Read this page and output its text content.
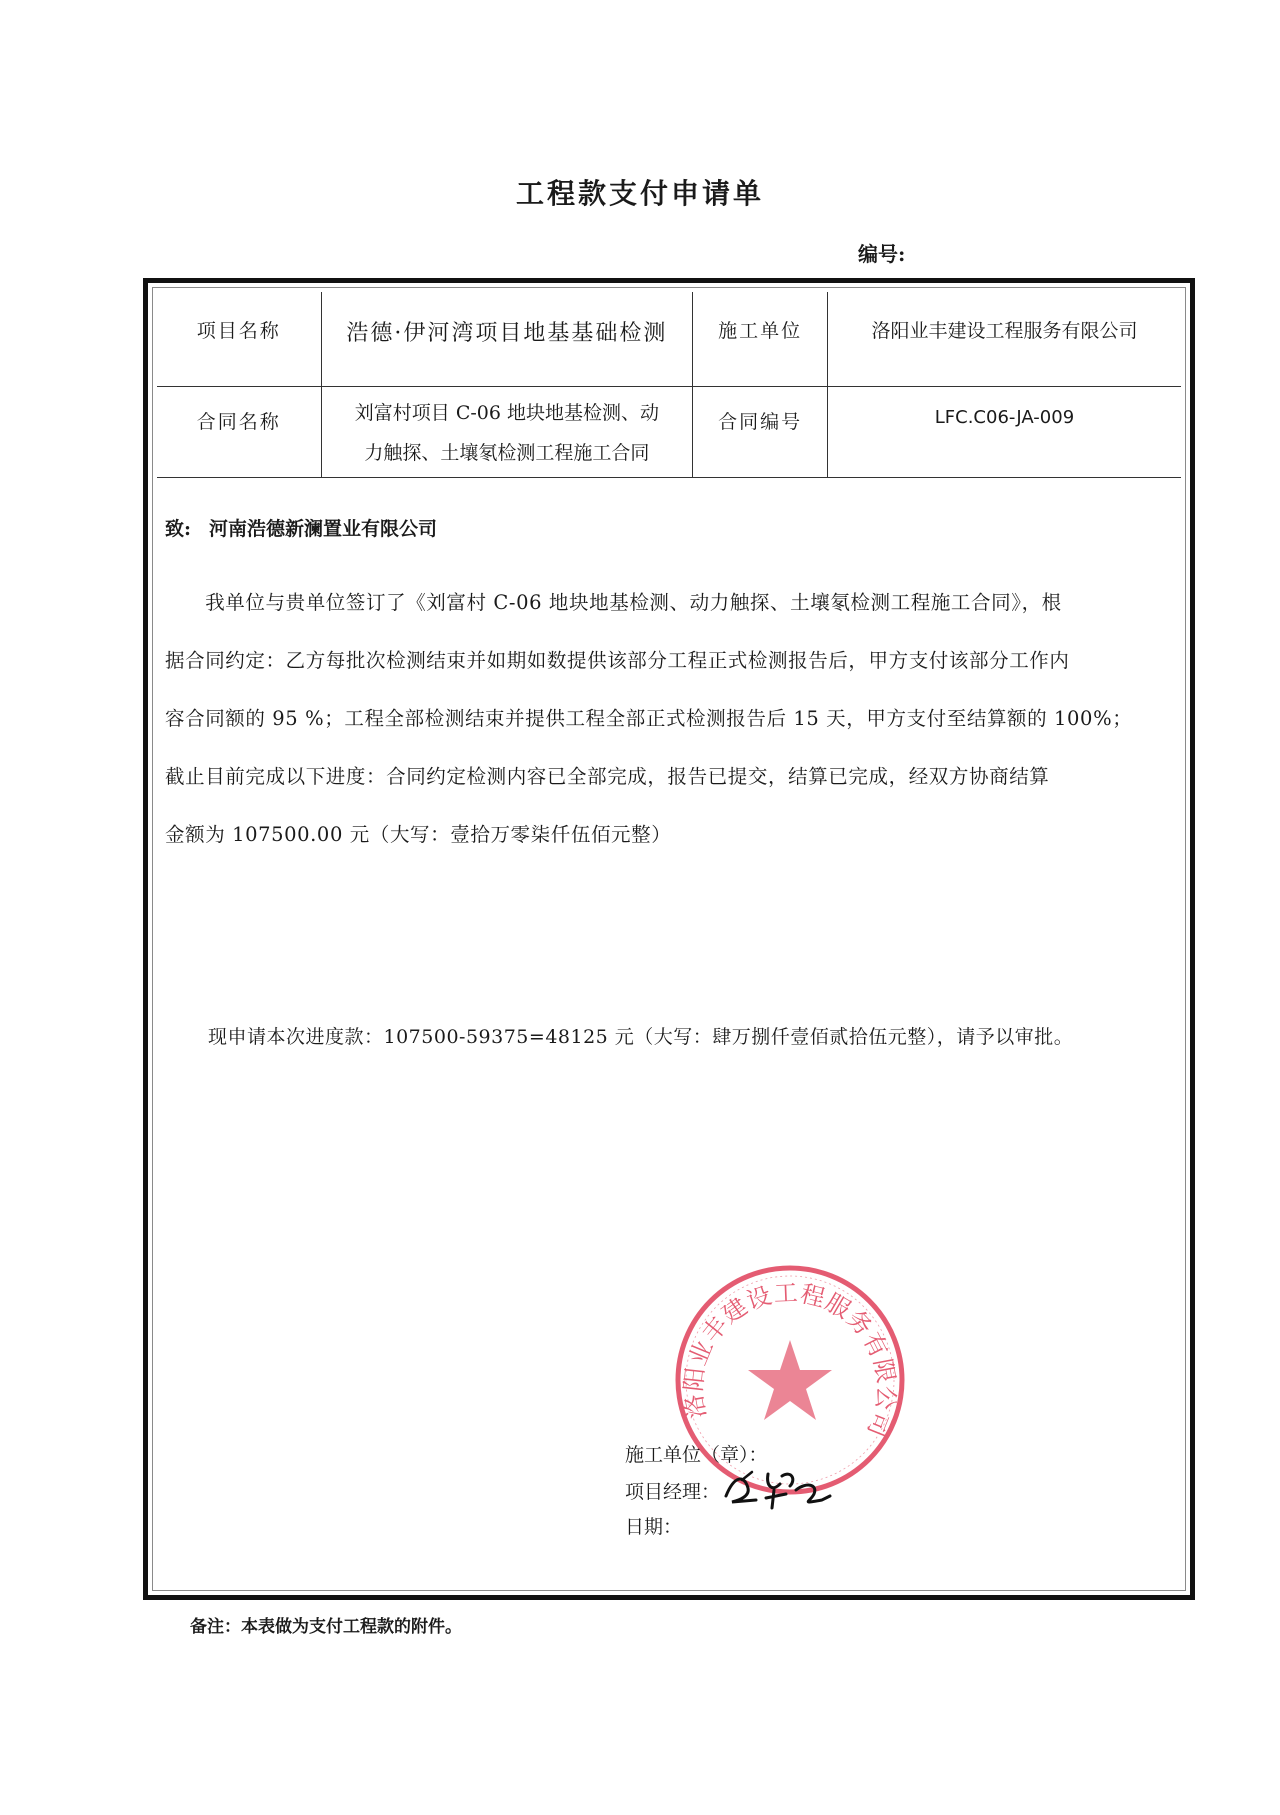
工程款支付申请单
编号:
项目名称	浩德·伊河湾项目地基基础检测	施工单位	洛阳业丰建设工程服务有限公司

合同名称	刘富村项目 C-06 地块地基检测、动
力触探、土壤氡检测工程施工合同	合同编号	LFC.C06-JA-009
致: 河南浩德新澜置业有限公司
　　我单位与贵单位签订了《刘富村 C-06 地块地基检测、动力触探、土壤氡检测工程施工合同》，根
据合同约定：乙方每批次检测结束并如期如数提供该部分工程正式检测报告后，甲方支付该部分工作内
容合同额的 95 %；工程全部检测结束并提供工程全部正式检测报告后 15 天，甲方支付至结算额的 100%；
截止目前完成以下进度：合同约定检测内容已全部完成，报告已提交，结算已完成，经双方协商结算
金额为 107500.00 元（大写：壹拾万零柒仟伍佰元整）
现申请本次进度款：107500-59375=48125 元（大写：肆万捌仟壹佰贰拾伍元整），请予以审批。
洛阳业丰建设工程服务有限公司
施工单位（章）：
项目经理：
日期：
备注：本表做为支付工程款的附件。
